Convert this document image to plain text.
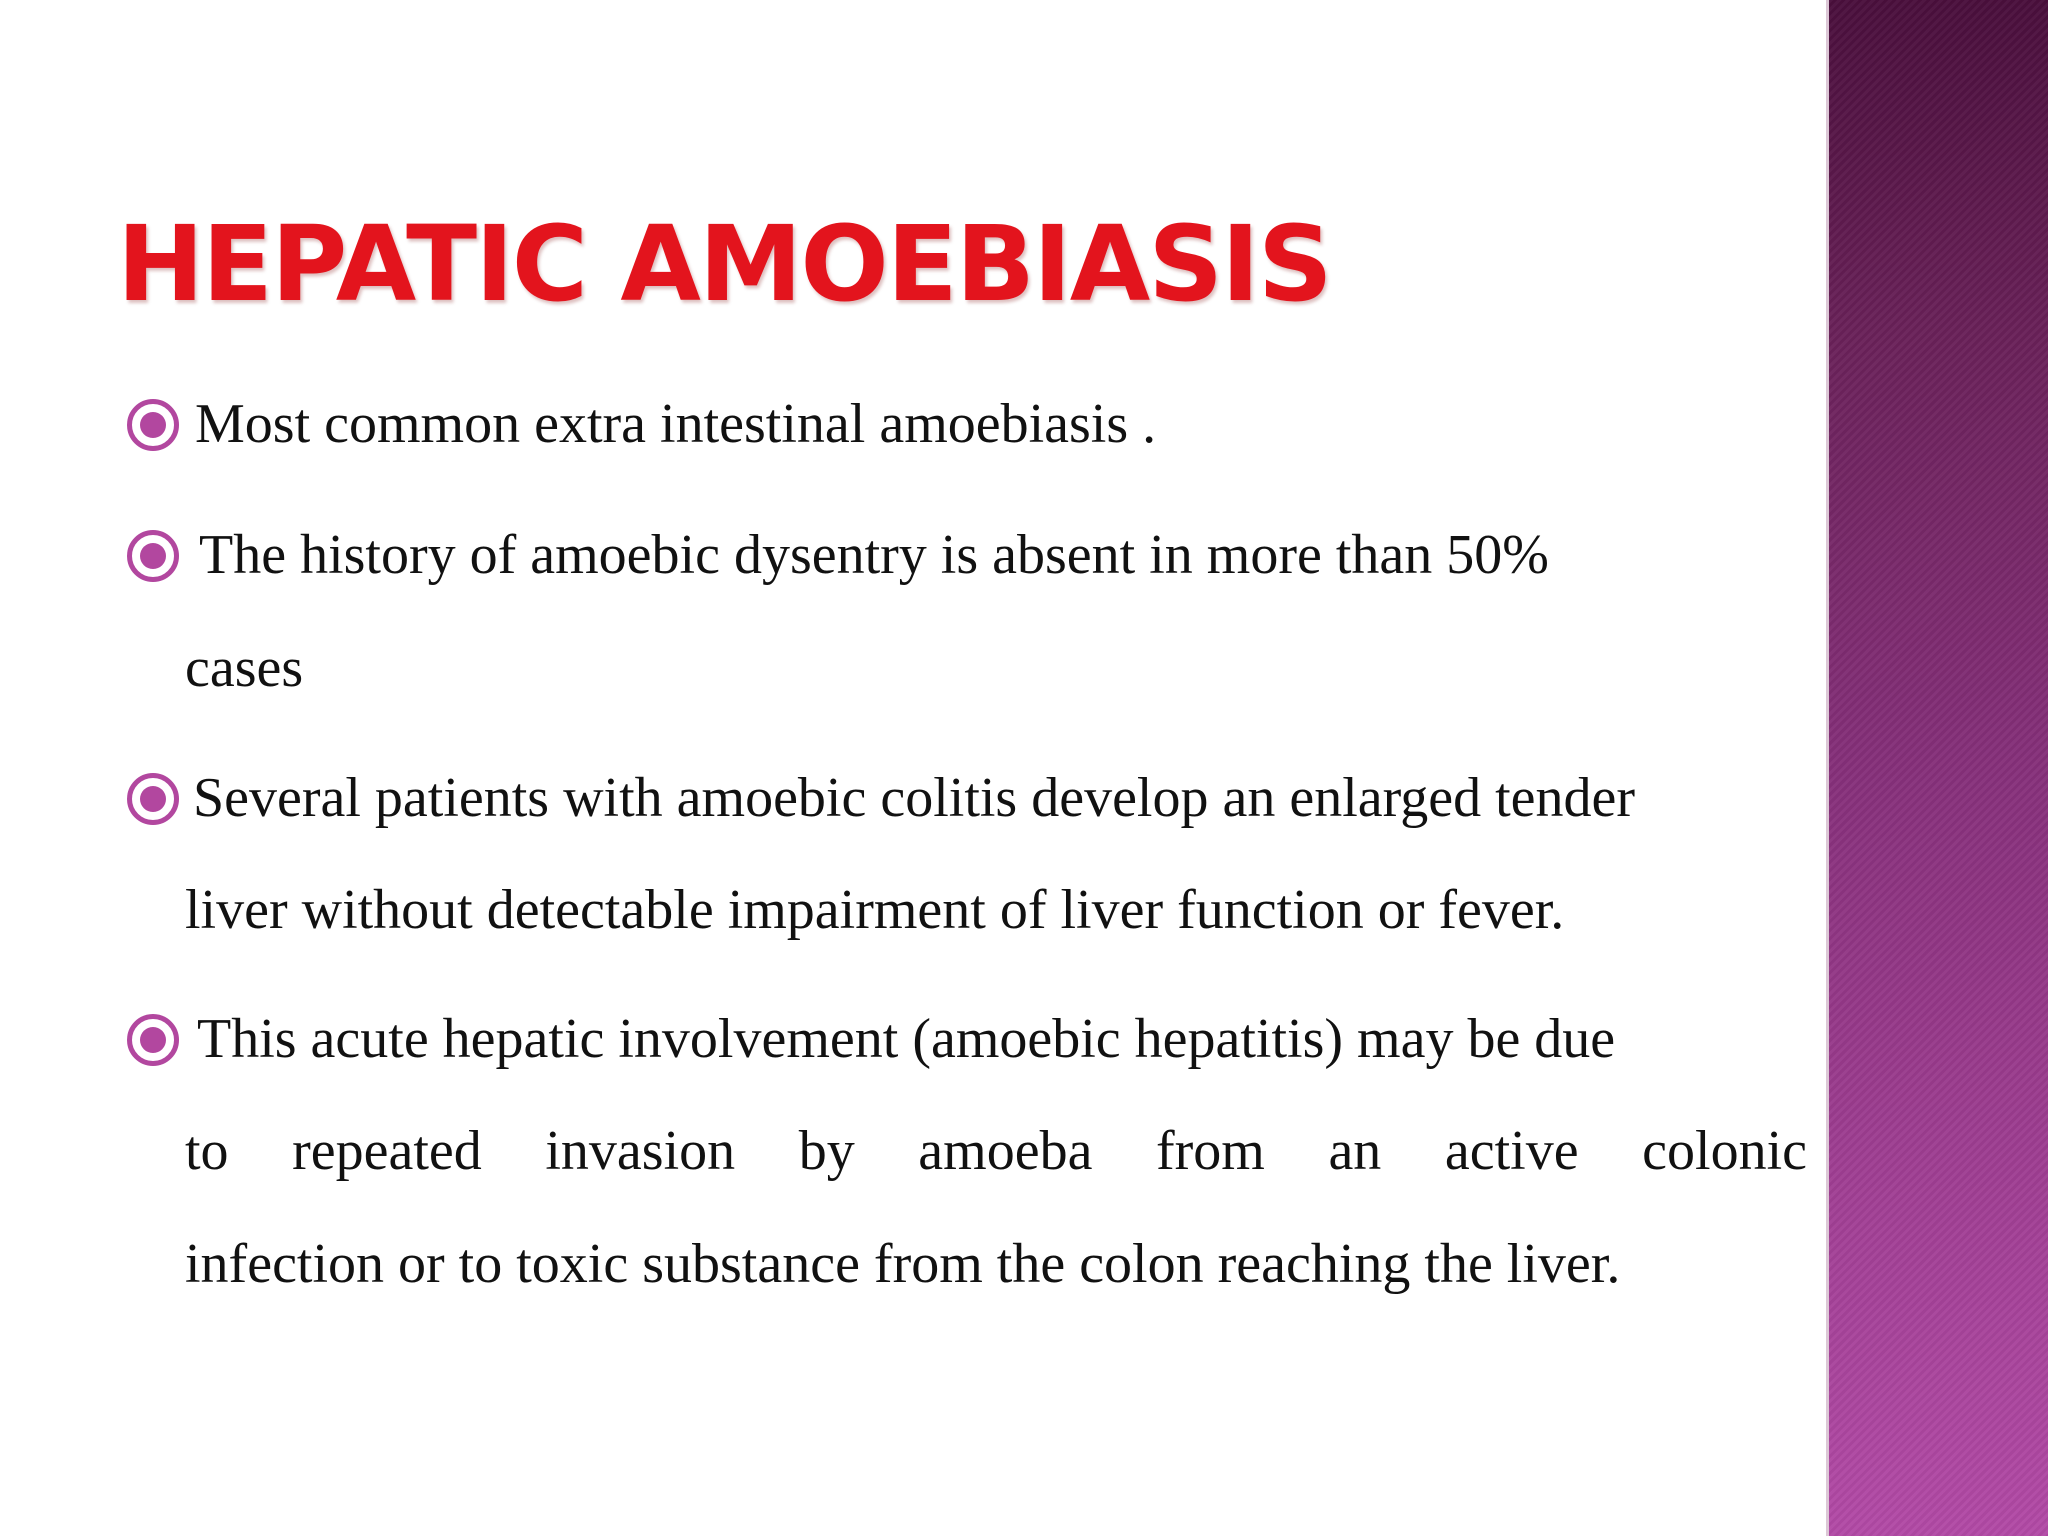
HEPATIC AMOEBIASIS
Most common extra intestinal amoebiasis .
The history of amoebic dysentry is absent in more than 50%
cases
Several patients with amoebic colitis develop an enlarged tender
liver without detectable impairment of liver function or fever.
This acute hepatic involvement (amoebic hepatitis) may be due
to repeated invasion by amoeba from an active colonic
infection or to toxic substance from the colon reaching the liver.
